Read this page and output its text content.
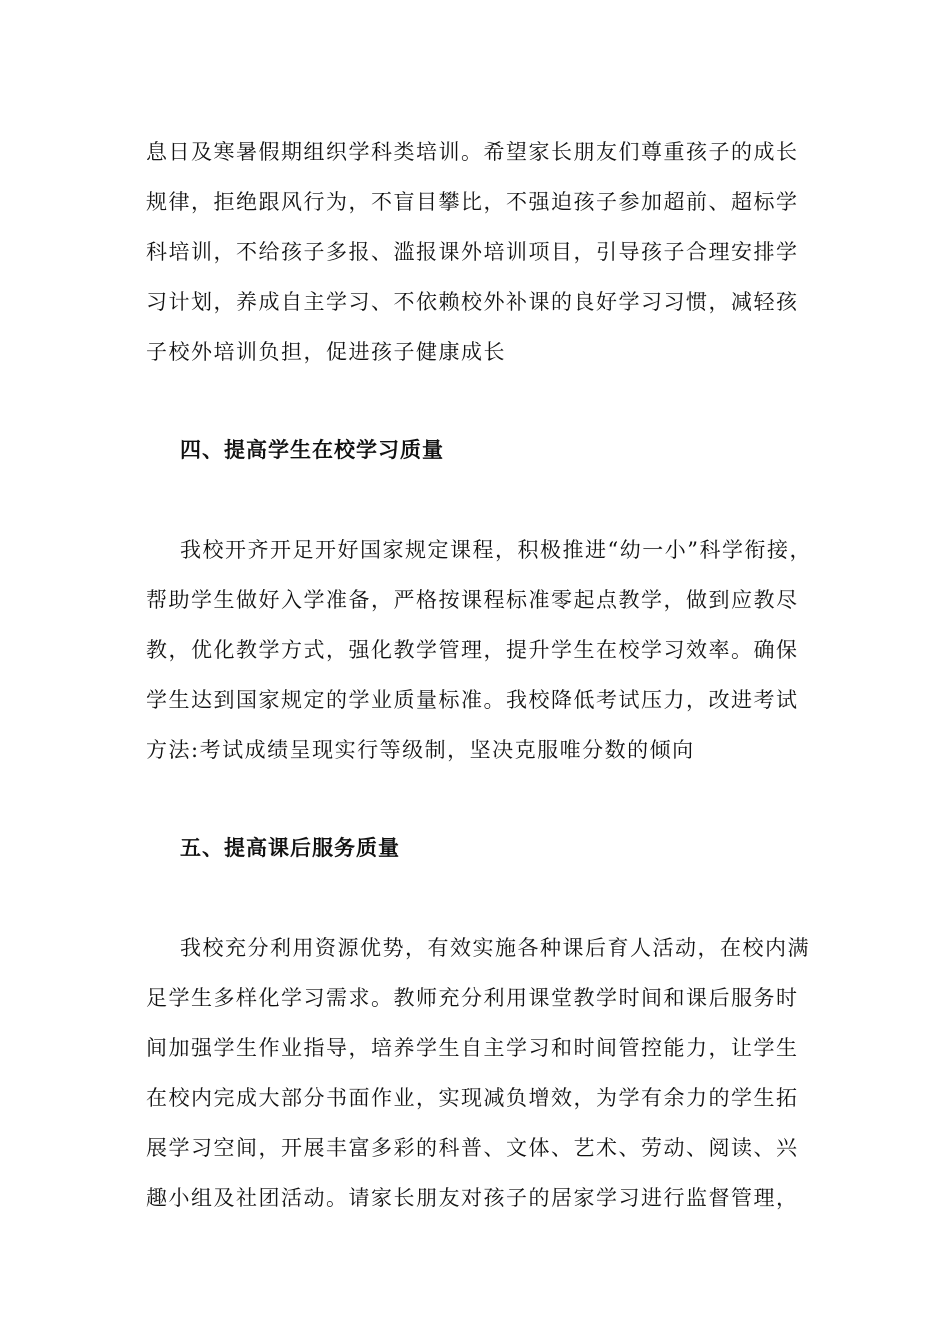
息日及寒暑假期组织学科类培训。希望家长朋友们尊重孩子的成长
规律，拒绝跟风行为，不盲目攀比，不强迫孩子参加超前、超标学
科培训，不给孩子多报、滥报课外培训项目，引导孩子合理安排学
习计划，养成自主学习、不依赖校外补课的良好学习习惯，减轻孩
子校外培训负担，促进孩子健康成长
四、提高学生在校学习质量
我校开齐开足开好国家规定课程，积极推进“幼一小”科学衔接，
帮助学生做好入学准备，严格按课程标准零起点教学，做到应教尽
教，优化教学方式，强化教学管理，提升学生在校学习效率。确保
学生达到国家规定的学业质量标准。我校降低考试压力，改进考试
方法:考试成绩呈现实行等级制，坚决克服唯分数的倾向
五、提高课后服务质量
我校充分利用资源优势，有效实施各种课后育人活动，在校内满
足学生多样化学习需求。教师充分利用课堂教学时间和课后服务时
间加强学生作业指导，培养学生自主学习和时间管控能力，让学生
在校内完成大部分书面作业，实现减负增效，为学有余力的学生拓
展学习空间，开展丰富多彩的科普、文体、艺术、劳动、阅读、兴
趣小组及社团活动。请家长朋友对孩子的居家学习进行监督管理，
